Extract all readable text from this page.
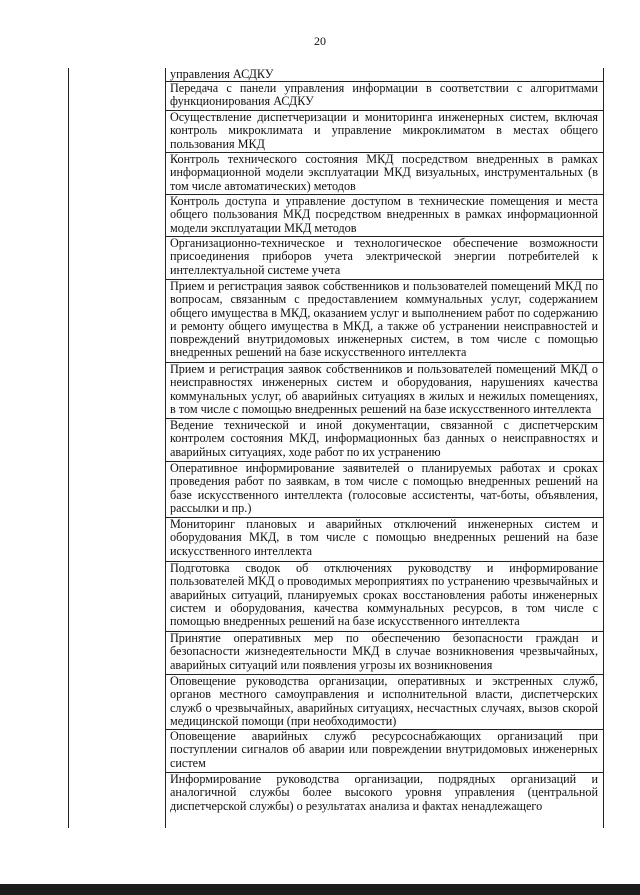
20
управления АСДКУ
Передача с панели управления информации в соответствии с алгоритмами функционирования АСДКУ
Осуществление диспетчеризации и мониторинга инженерных систем, включая контроль микроклимата и управление микроклиматом в местах общего пользования МКД
Контроль технического состояния МКД посредством внедренных в рамках информационной модели эксплуатации МКД визуальных, инструментальных (в том числе автоматических) методов
Контроль доступа и управление доступом в технические помещения и места общего пользования МКД посредством внедренных в рамках информационной модели эксплуатации МКД методов
Организационно-техническое и технологическое обеспечение возможности присоединения приборов учета электрической энергии потребителей к интеллектуальной системе учета
Прием и регистрация заявок собственников и пользователей помещений МКД по вопросам, связанным с предоставлением коммунальных услуг, содержанием общего имущества в МКД, оказанием услуг и выполнением работ по содержанию и ремонту общего имущества в МКД, а также об устранении неисправностей и повреждений внутридомовых инженерных систем, в том числе с помощью внедренных решений на базе искусственного интеллекта
Прием и регистрация заявок собственников и пользователей помещений МКД о неисправностях инженерных систем и оборудования, нарушениях качества коммунальных услуг, об аварийных ситуациях в жилых и нежилых помещениях, в том числе с помощью внедренных решений на базе искусственного интеллекта
Ведение технической и иной документации, связанной с диспетчерским контролем состояния МКД, информационных баз данных о неисправностях и аварийных ситуациях, ходе работ по их устранению
Оперативное информирование заявителей о планируемых работах и сроках проведения работ по заявкам, в том числе с помощью внедренных решений на базе искусственного интеллекта (голосовые ассистенты, чат-боты, объявления, рассылки и пр.)
Мониторинг плановых и аварийных отключений инженерных систем и оборудования МКД, в том числе с помощью внедренных решений на базе искусственного интеллекта
Подготовка сводок об отключениях руководству и информирование пользователей МКД о проводимых мероприятиях по устранению чрезвычайных и аварийных ситуаций, планируемых сроках восстановления работы инженерных систем и оборудования, качества коммунальных ресурсов, в том числе с помощью внедренных решений на базе искусственного интеллекта
Принятие оперативных мер по обеспечению безопасности граждан и безопасности жизнедеятельности МКД в случае возникновения чрезвычайных, аварийных ситуаций или появления угрозы их возникновения
Оповещение руководства организации, оперативных и экстренных служб, органов местного самоуправления и исполнительной власти, диспетчерских служб о чрезвычайных, аварийных ситуациях, несчастных случаях, вызов скорой медицинской помощи (при необходимости)
Оповещение аварийных служб ресурсоснабжающих организаций при поступлении сигналов об аварии или повреждении внутридомовых инженерных систем
Информирование руководства организации, подрядных организаций и аналогичной службы более высокого уровня управления (центральной диспетчерской службы) о результатах анализа и фактах ненадлежащего
